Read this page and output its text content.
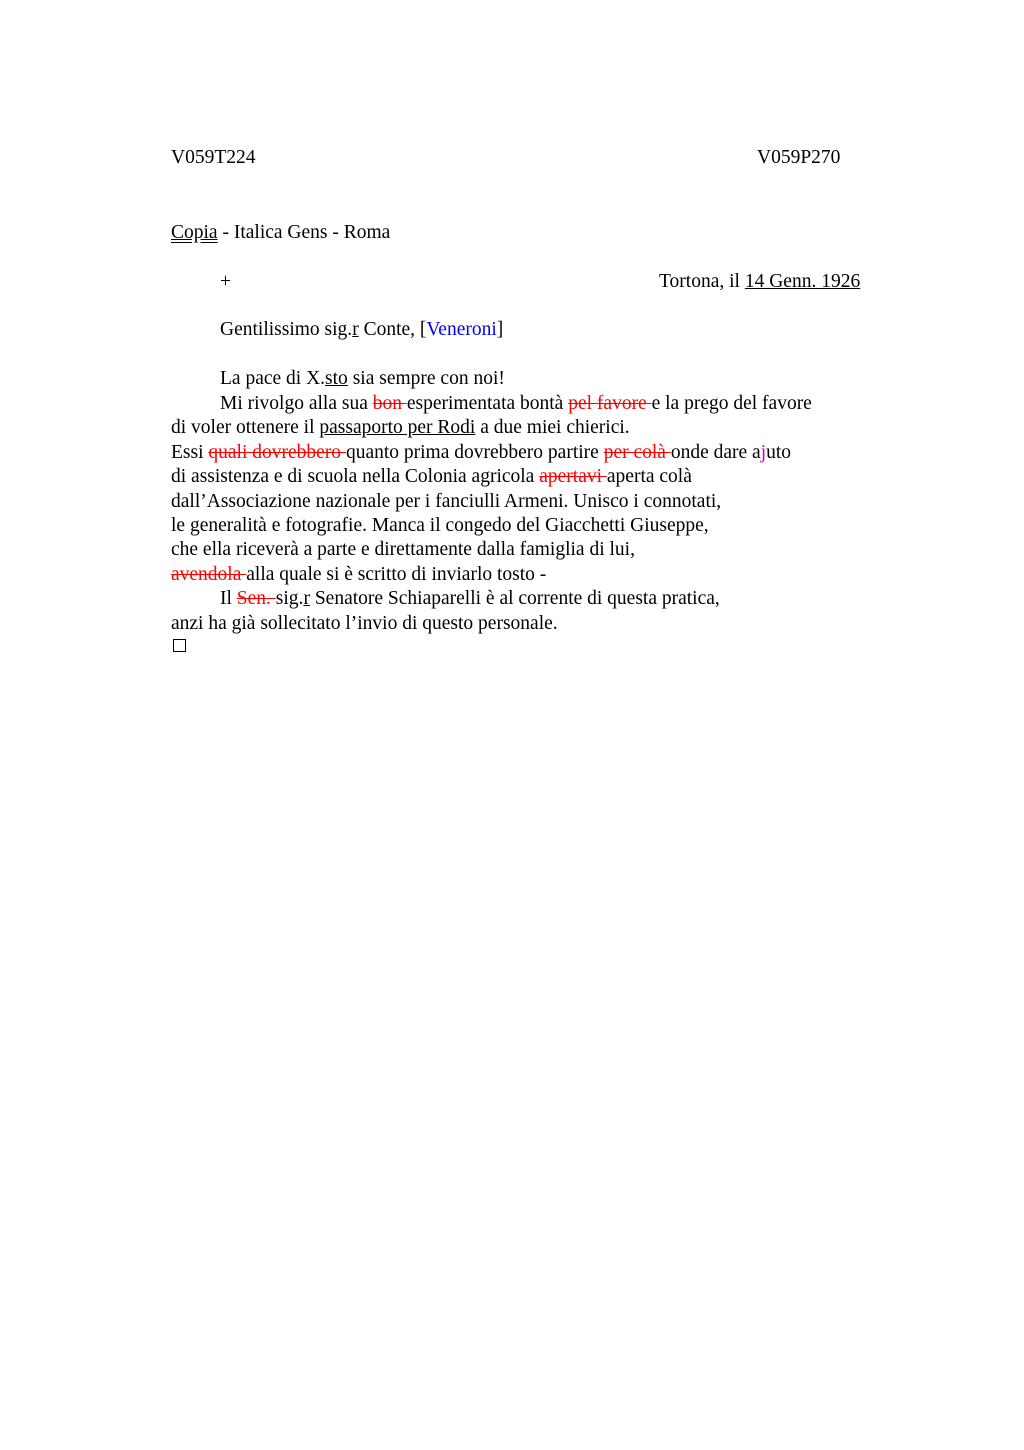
V059T224	V059P270
Copia - Italica Gens - Roma
+	Tortona, il 14 Genn. 1926
Gentilissimo sig.r Conte, [Veneroni]
La pace di X.sto sia sempre con noi!
Mi rivolgo alla sua bon esperimentata bontà pel favore e la prego del favore
di voler ottenere il passaporto per Rodi a due miei chierici.
Essi quali dovrebbero quanto prima dovrebbero partire per colà onde dare ajuto
di assistenza e di scuola nella Colonia agricola apertavi aperta colà
dall’Associazione nazionale per i fanciulli Armeni. Unisco i connotati,
le generalità e fotografie. Manca il congedo del Giacchetti Giuseppe,
che ella riceverà a parte e direttamente dalla famiglia di lui,
avendola alla quale si è scritto di inviarlo tosto -
Il Sen. sig.r Senatore Schiaparelli è al corrente di questa pratica,
anzi ha già sollecitato l’invio di questo personale.
